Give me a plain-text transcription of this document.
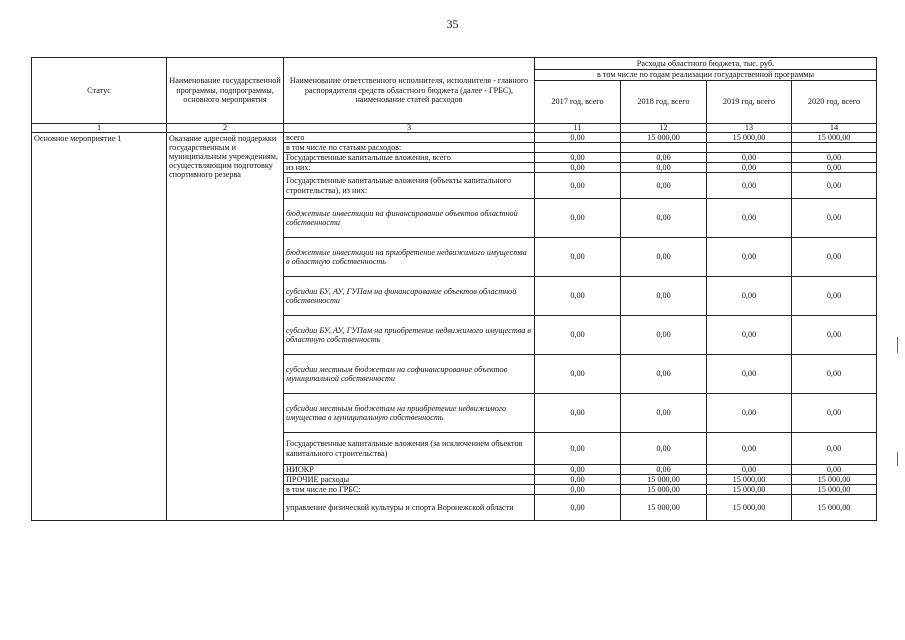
35
Статус	Наименование государственной программы, подпрограммы, основного мероприятия	Наименование ответственного исполнителя, исполнителя - главного распорядителя средств областного бюджета (далее - ГРБС), наименование статей расходов	Расходы областного бюджета, тыс. руб.			
			в том числе по годам реализации государственной программы			
			2017 год, всего	2018 год, всего	2019 год, всего	2020 год, всего
1	2	3	11	12	13	14
Основное мероприятие 1	Оказание адресной поддержки государственным и муниципальным учреждениям, осуществляющим подготовку спортивного резерва	всего	0,00	15 000,00	15 000,00	15 000,00
		в том числе по статьям расходов:				
		Государственные капитальные вложения, всего	0,00	0,00	0,00	0,00
		из них:	0,00	0,00	0,00	0,00
		Государственные капитальные вложения (объекты капитального строительства), из них:	0,00	0,00	0,00	0,00
		бюджетные инвестиции на финансирование объектов областной собственности	0,00	0,00	0,00	0,00
		бюджетные инвестиции на приобретение недвижимого имущества в областную собственность	0,00	0,00	0,00	0,00
		субсидии БУ, АУ, ГУПам на финансирование объектов областной собственности	0,00	0,00	0,00	0,00
		субсидии БУ, АУ, ГУПам на приобретение недвижимого имущества в областную собственность	0,00	0,00	0,00	0,00
		субсидии местным бюджетам на софинансирование объектов муниципальной собственности	0,00	0,00	0,00	0,00
		субсидии местным бюджетам на приобретение недвижимого имущества в муниципальную собственность	0,00	0,00	0,00	0,00
		Государственные капитальные вложения (за исключением объектов капитального строительства)	0,00	0,00	0,00	0,00
		НИОКР	0,00	0,00	0,00	0,00
		ПРОЧИЕ расходы	0,00	15 000,00	15 000,00	15 000,00
		в том числе по ГРБС:	0,00	15 000,00	15 000,00	15 000,00
		управление физической культуры и спорта Воронежской области	0,00	15 000,00	15 000,00	15 000,00
